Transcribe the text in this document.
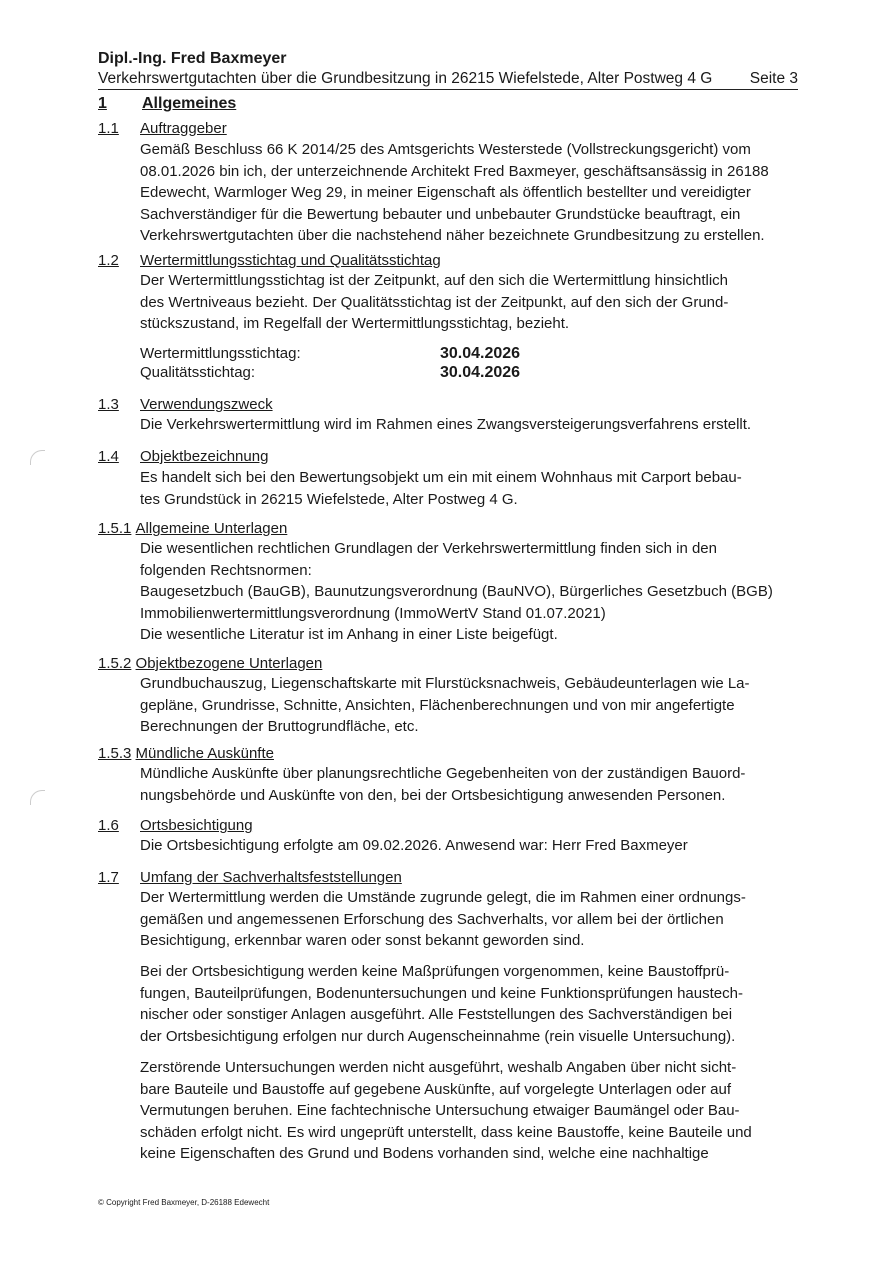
Dipl.-Ing. Fred Baxmeyer
Verkehrswertgutachten über die Grundbesitzung in 26215 Wiefelstede, Alter Postweg 4 G Seite 3
1 Allgemeines
1.1 Auftraggeber

Gemäß Beschluss 66 K 2014/25 des Amtsgerichts Westerstede (Vollstreckungsgericht) vom

08.01.2026 bin ich, der unterzeichnende Architekt Fred Baxmeyer, geschäftsansässig in 26188

Edewecht, Warmloger Weg 29, in meiner Eigenschaft als öffentlich bestellter und vereidigter

Sachverständiger für die Bewertung bebauter und unbebauter Grundstücke beauftragt, ein

Verkehrswertgutachten über die nachstehend näher bezeichnete Grundbesitzung zu erstellen.

1.2 Wertermittlungsstichtag und Qualitätsstichtag

Der Wertermittlungsstichtag ist der Zeitpunkt, auf den sich die Wertermittlung hinsichtlich

des Wertniveaus bezieht. Der Qualitätsstichtag ist der Zeitpunkt, auf den sich der Grund-

stückszustand, im Regelfall der Wertermittlungsstichtag, bezieht.

Wertermittlungsstichtag:	30.04.2026
Qualitätsstichtag:	30.04.2026
1.3 Verwendungszweck

Die Verkehrswertermittlung wird im Rahmen eines Zwangsversteigerungsverfahrens erstellt.

1.4 Objektbezeichnung

Es handelt sich bei den Bewertungsobjekt um ein mit einem Wohnhaus mit Carport bebau-

tes Grundstück in 26215 Wiefelstede, Alter Postweg 4 G.

1.5.1 Allgemeine Unterlagen

Die wesentlichen rechtlichen Grundlagen der Verkehrswertermittlung finden sich in den

folgenden Rechtsnormen:

Baugesetzbuch (BauGB), Baunutzungsverordnung (BauNVO), Bürgerliches Gesetzbuch (BGB)

Immobilienwertermittlungsverordnung (ImmoWertV Stand 01.07.2021)

Die wesentliche Literatur ist im Anhang in einer Liste beigefügt.

1.5.2 Objektbezogene Unterlagen

Grundbuchauszug, Liegenschaftskarte mit Flurstücksnachweis, Gebäudeunterlagen wie La-

gepläne, Grundrisse, Schnitte, Ansichten, Flächenberechnungen und von mir angefertigte

Berechnungen der Bruttogrundfläche, etc.

1.5.3 Mündliche Auskünfte

Mündliche Auskünfte über planungsrechtliche Gegebenheiten von der zuständigen Bauord-

nungsbehörde und Auskünfte von den, bei der Ortsbesichtigung anwesenden Personen.

1.6 Ortsbesichtigung

Die Ortsbesichtigung erfolgte am 09.02.2026. Anwesend war: Herr Fred Baxmeyer

1.7 Umfang der Sachverhaltsfeststellungen

Der Wertermittlung werden die Umstände zugrunde gelegt, die im Rahmen einer ordnungs-

gemäßen und angemessenen Erforschung des Sachverhalts, vor allem bei der örtlichen

Besichtigung, erkennbar waren oder sonst bekannt geworden sind.

Bei der Ortsbesichtigung werden keine Maßprüfungen vorgenommen, keine Baustoffprü-

fungen, Bauteilprüfungen, Bodenuntersuchungen und keine Funktionsprüfungen haustech-

nischer oder sonstiger Anlagen ausgeführt. Alle Feststellungen des Sachverständigen bei

der Ortsbesichtigung erfolgen nur durch Augenscheinnahme (rein visuelle Untersuchung).

Zerstörende Untersuchungen werden nicht ausgeführt, weshalb Angaben über nicht sicht-

bare Bauteile und Baustoffe auf gegebene Auskünfte, auf vorgelegte Unterlagen oder auf

Vermutungen beruhen. Eine fachtechnische Untersuchung etwaiger Baumängel oder Bau-

schäden erfolgt nicht. Es wird ungeprüft unterstellt, dass keine Baustoffe, keine Bauteile und

keine Eigenschaften des Grund und Bodens vorhanden sind, welche eine nachhaltige

© Copyright Fred Baxmeyer, D-26188 Edewecht
